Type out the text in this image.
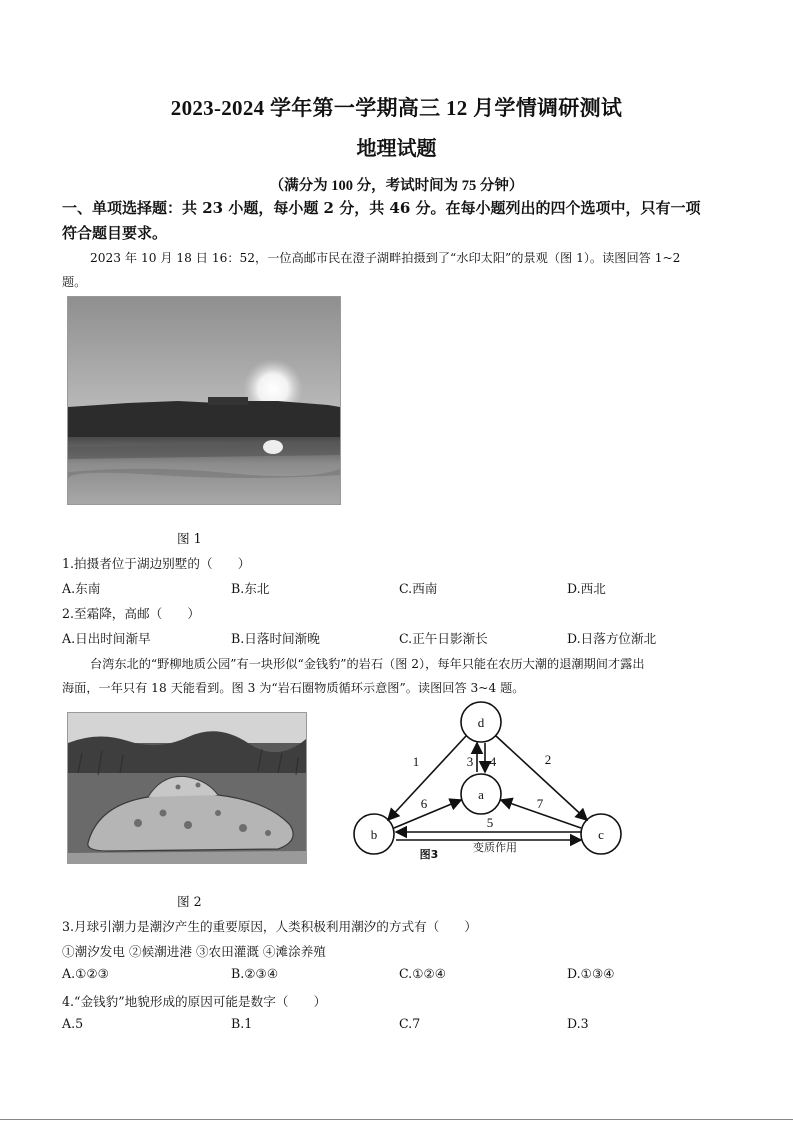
2023-2024 学年第一学期高三 12 月学情调研测试
地理试题
（满分为 100 分，考试时间为 75 分钟）
一、单项选择题：共 23 小题，每小题 2 分，共 46 分。在每小题列出的四个选项中，只有一项
符合题目要求。
2023 年 10 月 18 日 16：52，一位高邮市民在澄子湖畔拍摄到了“水印太阳”的景观（图 1）。读图回答 1~2
题。
图 1
1.拍摄者位于湖边别墅的（　　）
A.东南	B.东北	C.西南	D.西北
2.至霜降，高邮（　　）
A.日出时间渐早	B.日落时间渐晚	C.正午日影渐长	D.日落方位渐北
台湾东北的“野柳地质公园”有一块形似“金钱豹”的岩石（图 2），每年只能在农历大潮的退潮期间才露出
海面，一年只有 18 天能看到。图 3 为“岩石圈物质循环示意图”。读图回答 3~4 题。
图 2
d
a
b	c
1	2
3 4
5
6	7
图3
变质作用
3.月球引潮力是潮汐产生的重要原因，人类积极利用潮汐的方式有（　　）
①潮汐发电 ②候潮进港 ③农田灌溉 ④滩涂养殖
A.①②③	B.②③④	C.①②④	D.①③④
4.“金钱豹”地貌形成的原因可能是数字（　　）
A.5	B.1	C.7	D.3
